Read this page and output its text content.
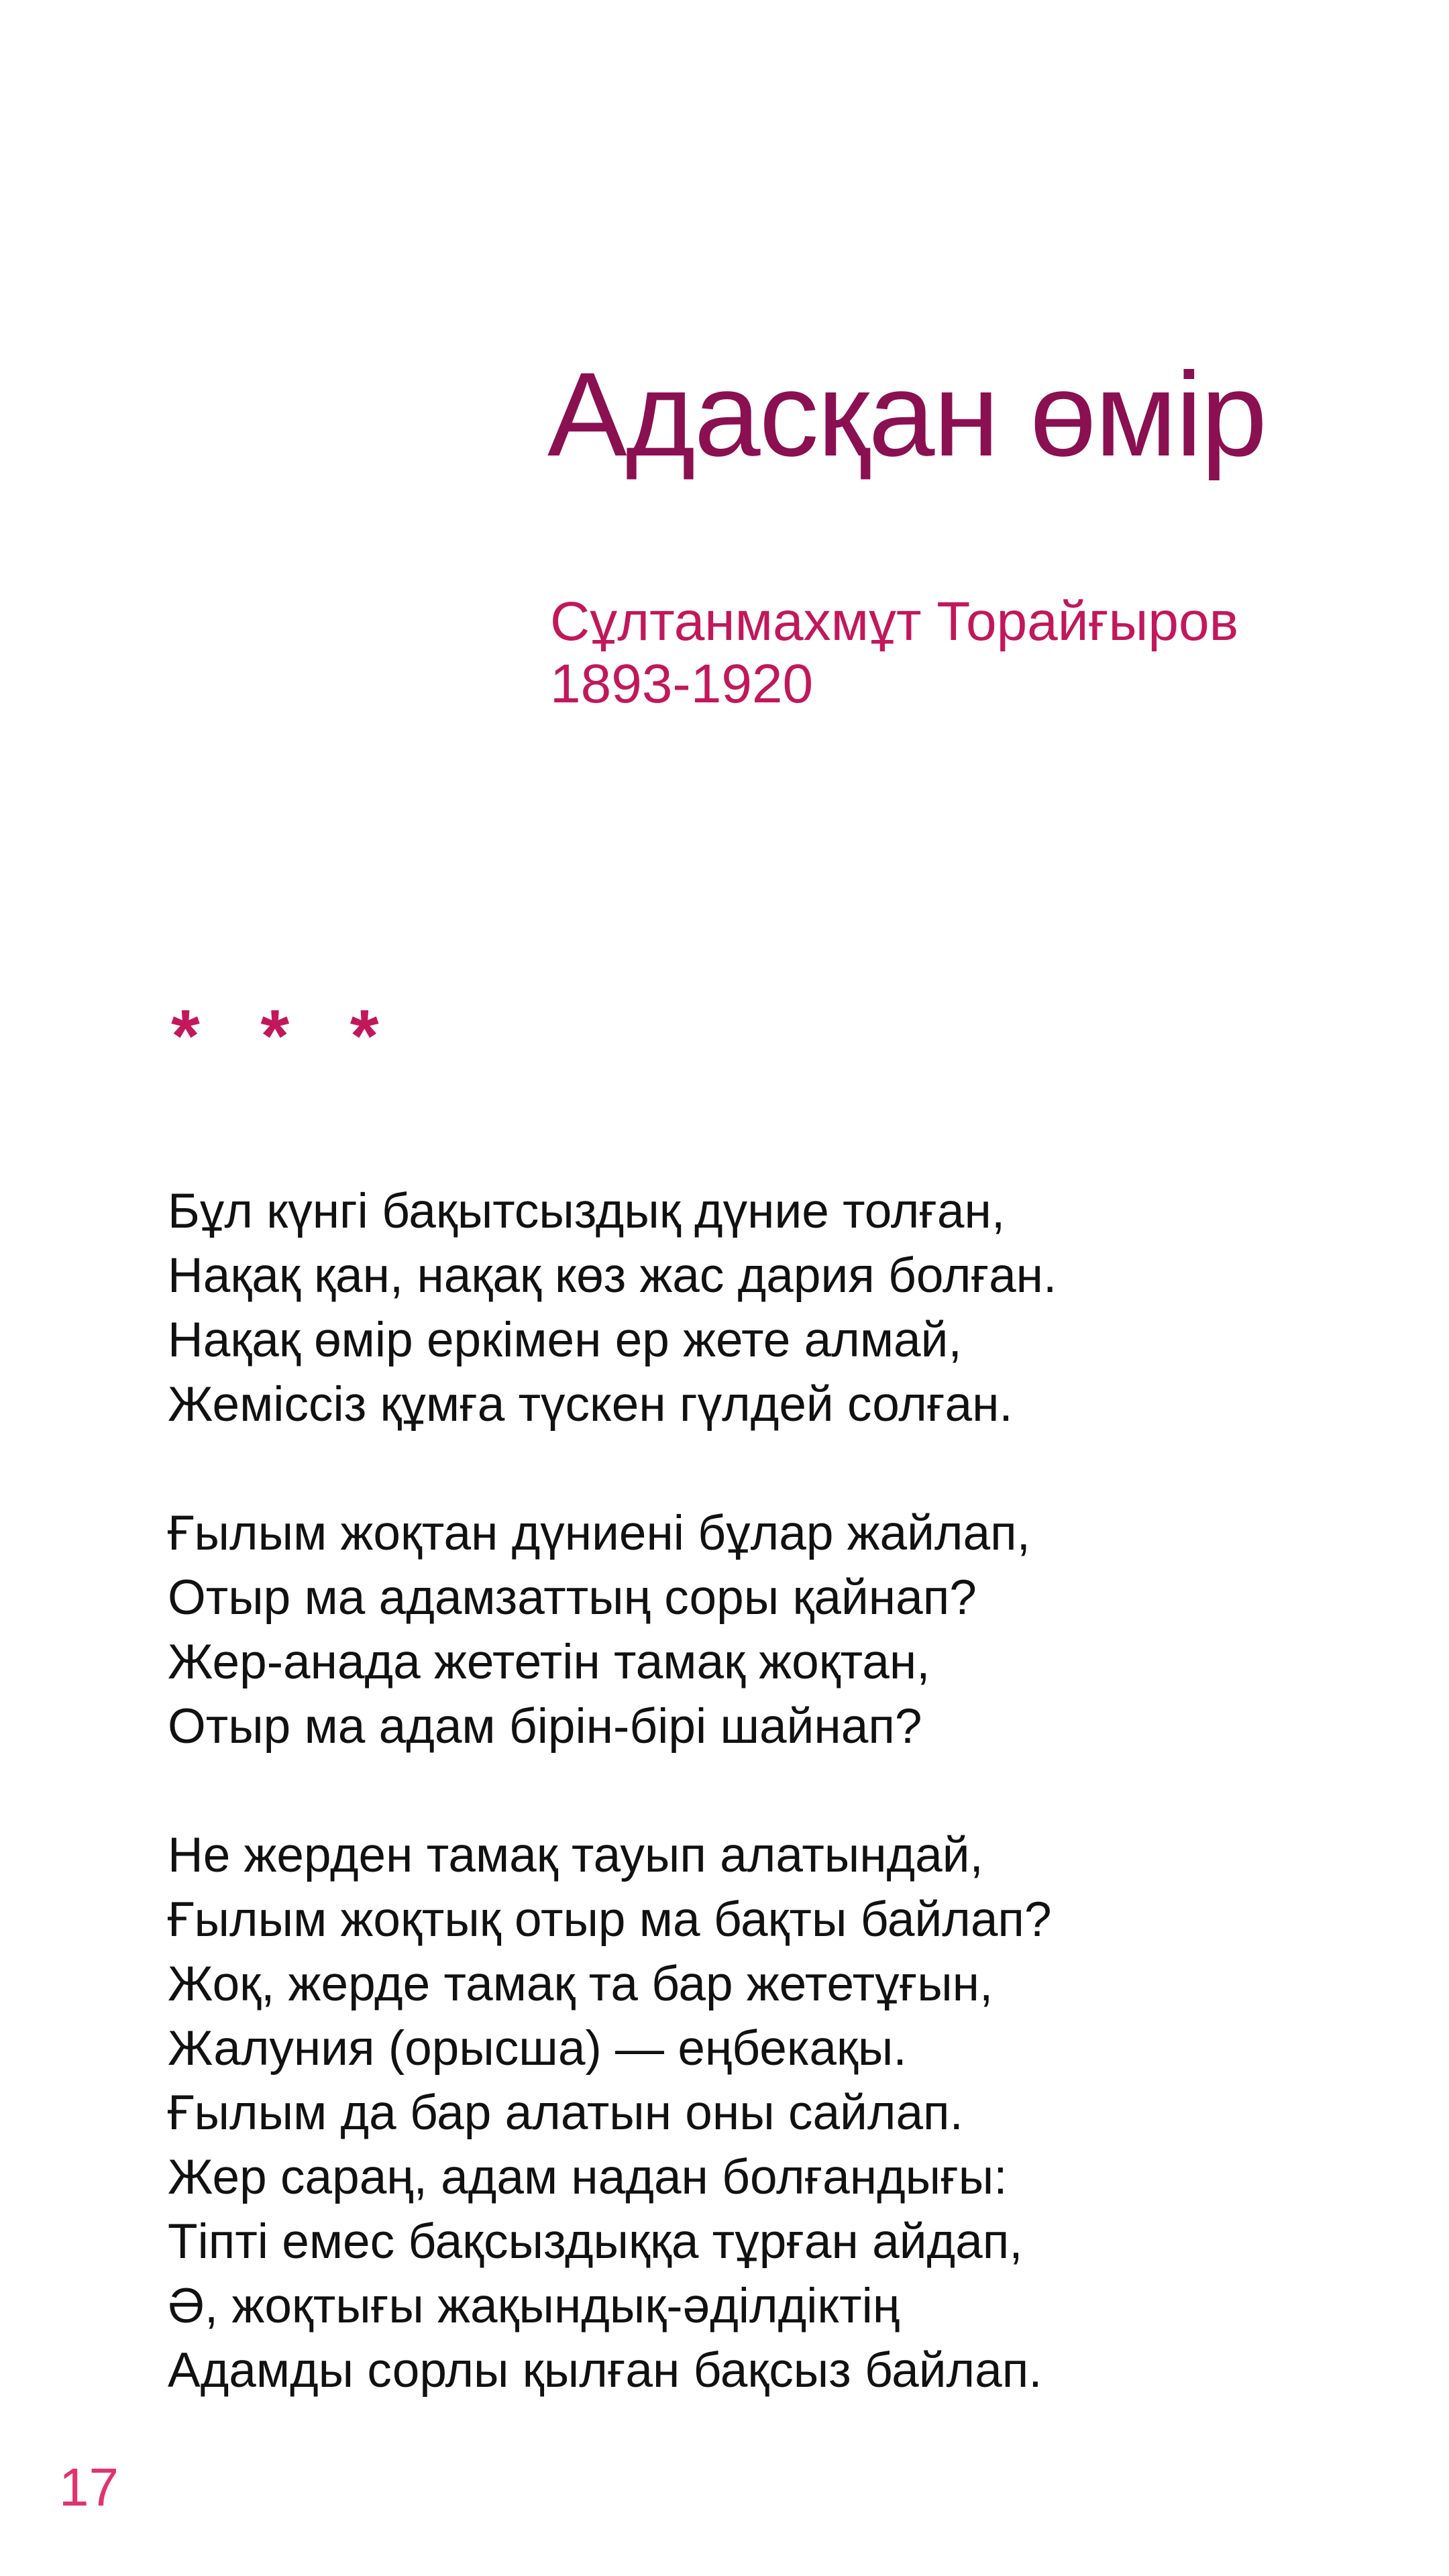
Адасқан өмір
Сұлтанмахмұт Торайғыров
1893-1920
* * *
Бұл күнгі бақытсыздық дүние толған,
Нақақ қан, нақақ көз жас дария болған.
Нақақ өмір еркімен ер жете алмай,
Жеміссіз құмға түскен гүлдей солған.
Ғылым жоқтан дүниені бұлар жайлап,
Отыр ма адамзаттың соры қайнап?
Жер-анада жететін тамақ жоқтан,
Отыр ма адам бірін-бірі шайнап?
Не жерден тамақ тауып алатындай,
Ғылым жоқтық отыр ма бақты байлап?
Жоқ, жерде тамақ та бар жететұғын,
Жалуния (орысша) — еңбекақы.
Ғылым да бар алатын оны сайлап.
Жер сараң, адам надан болғандығы:
Тіпті емес бақсыздыққа тұрған айдап,
Ә, жоқтығы жақындық-әділдіктің
Адамды сорлы қылған бақсыз байлап.
17
